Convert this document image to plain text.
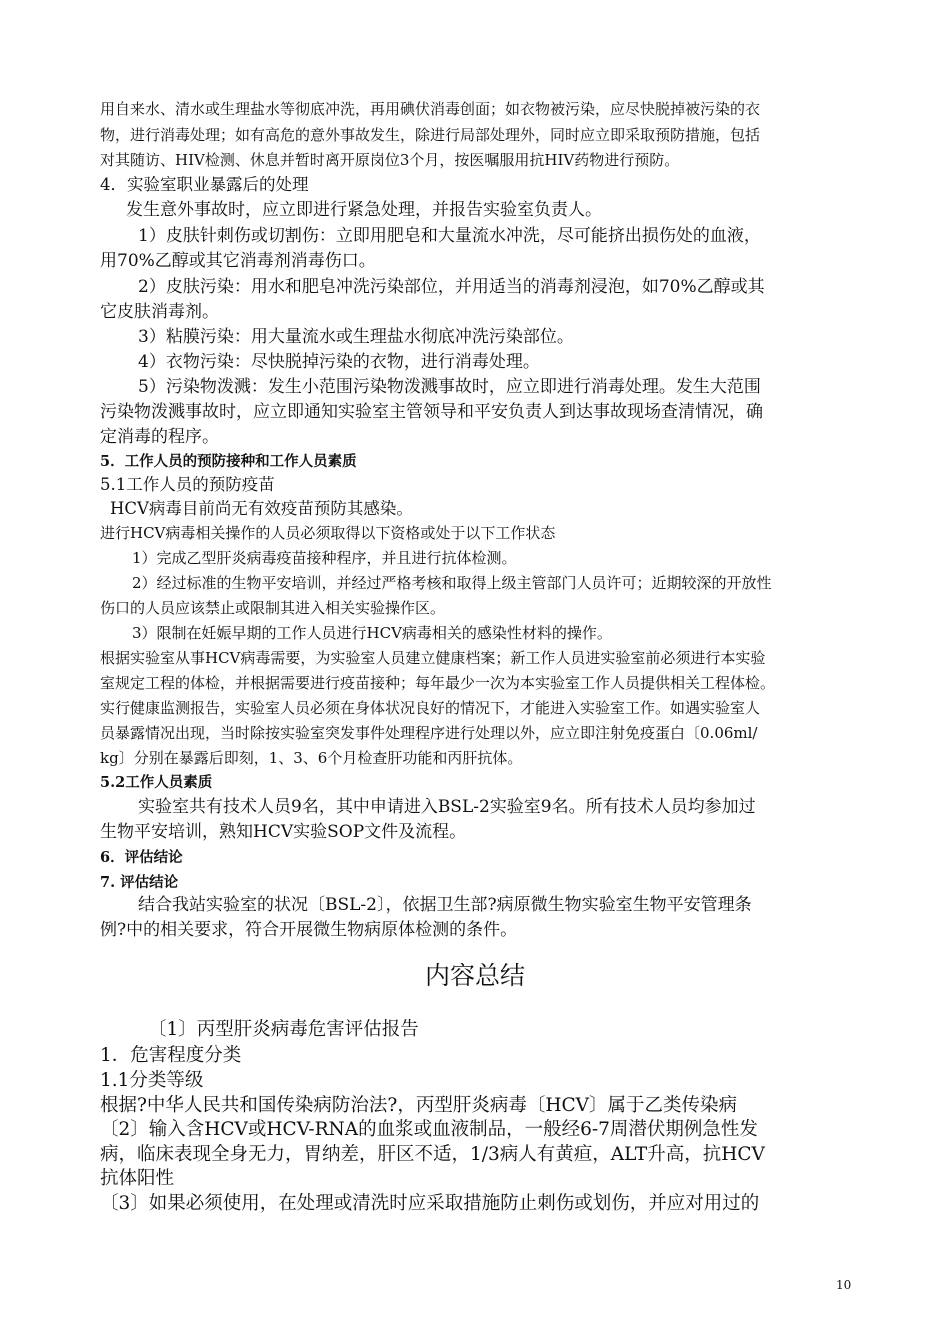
用自来水、清水或生理盐水等彻底冲洗，再用碘伏消毒创面；如衣物被污染，应尽快脱掉被污染的衣
物，进行消毒处理；如有高危的意外事故发生，除进行局部处理外，同时应立即采取预防措施，包括
对其随访、HIV检测、休息并暂时离开原岗位3个月，按医嘱服用抗HIV药物进行预防。
4．实验室职业暴露后的处理
发生意外事故时，应立即进行紧急处理，并报告实验室负责人。
1）皮肤针刺伤或切割伤：立即用肥皂和大量流水冲洗，尽可能挤出损伤处的血液，
用70%乙醇或其它消毒剂消毒伤口。
2）皮肤污染：用水和肥皂冲洗污染部位，并用适当的消毒剂浸泡，如70%乙醇或其
它皮肤消毒剂。
3）粘膜污染：用大量流水或生理盐水彻底冲洗污染部位。
4）衣物污染：尽快脱掉污染的衣物，进行消毒处理。
5）污染物泼溅：发生小范围污染物泼溅事故时，应立即进行消毒处理。发生大范围
污染物泼溅事故时，应立即通知实验室主管领导和平安负责人到达事故现场查清情况，确
定消毒的程序。
5．工作人员的预防接种和工作人员素质
5.1工作人员的预防疫苗
HCV病毒目前尚无有效疫苗预防其感染。
进行HCV病毒相关操作的人员必须取得以下资格或处于以下工作状态
1）完成乙型肝炎病毒疫苗接种程序，并且进行抗体检测。
2）经过标准的生物平安培训，并经过严格考核和取得上级主管部门人员许可；近期较深的开放性
伤口的人员应该禁止或限制其进入相关实验操作区。
3）限制在妊娠早期的工作人员进行HCV病毒相关的感染性材料的操作。
根据实验室从事HCV病毒需要，为实验室人员建立健康档案；新工作人员进实验室前必须进行本实验
室规定工程的体检，并根据需要进行疫苗接种；每年最少一次为本实验室工作人员提供相关工程体检。
实行健康监测报告，实验室人员必须在身体状况良好的情况下，才能进入实验室工作。如遇实验室人
员暴露情况出现，当时除按实验室突发事件处理程序进行处理以外，应立即注射免疫蛋白〔0.06ml/
kg〕分别在暴露后即刻，1、3、6个月检查肝功能和丙肝抗体。
5.2工作人员素质
实验室共有技术人员9名，其中申请进入BSL-2实验室9名。所有技术人员均参加过
生物平安培训，熟知HCV实验SOP文件及流程。
6．评估结论
7. 评估结论
结合我站实验室的状况〔BSL-2〕，依据卫生部?病原微生物实验室生物平安管理条
例?中的相关要求，符合开展微生物病原体检测的条件。
内容总结
〔1〕丙型肝炎病毒危害评估报告
1．危害程度分类
1.1分类等级
根据?中华人民共和国传染病防治法?，丙型肝炎病毒〔HCV〕属于乙类传染病
〔2〕输入含HCV或HCV-RNA的血浆或血液制品，一般经6-7周潜伏期例急性发
病，临床表现全身无力，胃纳差，肝区不适，1/3病人有黄疸，ALT升高，抗HCV
抗体阳性
〔3〕如果必须使用，在处理或清洗时应采取措施防止刺伤或划伤，并应对用过的
10
